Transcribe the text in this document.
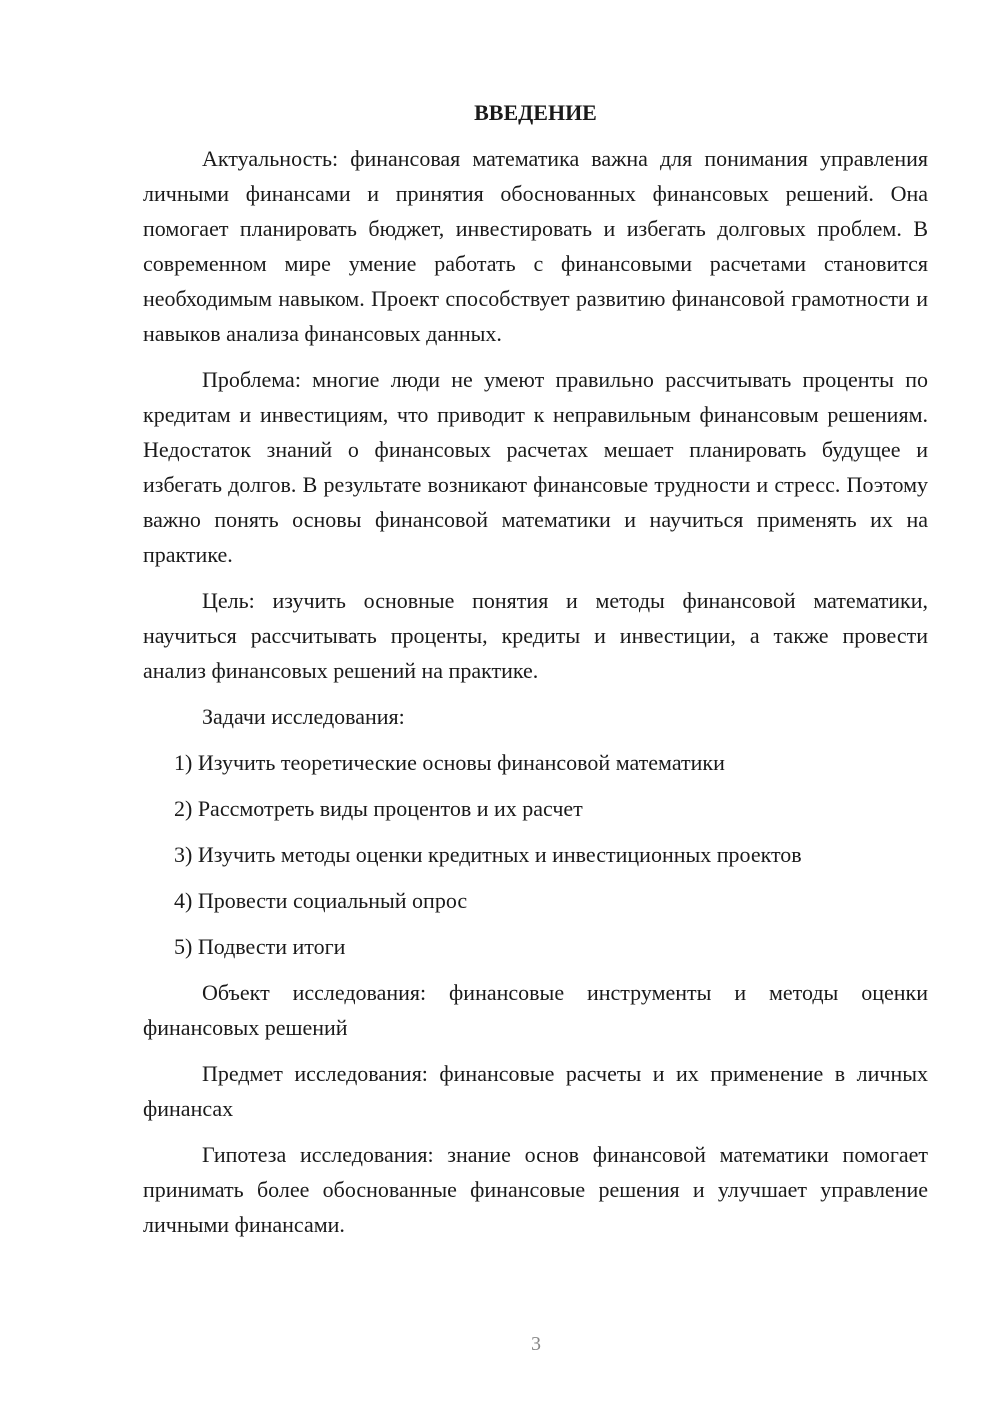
ВВЕДЕНИЕ

Актуальность: финансовая математика важна для понимания управления личными финансами и принятия обоснованных финансовых решений. Она помогает планировать бюджет, инвестировать и избегать долговых проблем. В современном мире умение работать с финансовыми расчетами становится необходимым навыком. Проект способствует развитию финансовой грамотности и навыков анализа финансовых данных.

Проблема: многие люди не умеют правильно рассчитывать проценты по кредитам и инвестициям, что приводит к неправильным финансовым решениям. Недостаток знаний о финансовых расчетах мешает планировать будущее и избегать долгов. В результате возникают финансовые трудности и стресс. Поэтому важно понять основы финансовой математики и научиться применять их на практике.

Цель: изучить основные понятия и методы финансовой математики, научиться рассчитывать проценты, кредиты и инвестиции, а также провести анализ финансовых решений на практике.

Задачи исследования:
1) Изучить теоретические основы финансовой математики
2) Рассмотреть виды процентов и их расчет
3) Изучить методы оценки кредитных и инвестиционных проектов
4) Провести социальный опрос
5) Подвести итоги

Объект исследования: финансовые инструменты и методы оценки финансовых решений

Предмет исследования: финансовые расчеты и их применение в личных финансах

Гипотеза исследования: знание основ финансовой математики помогает принимать более обоснованные финансовые решения и улучшает управление личными финансами.

3
